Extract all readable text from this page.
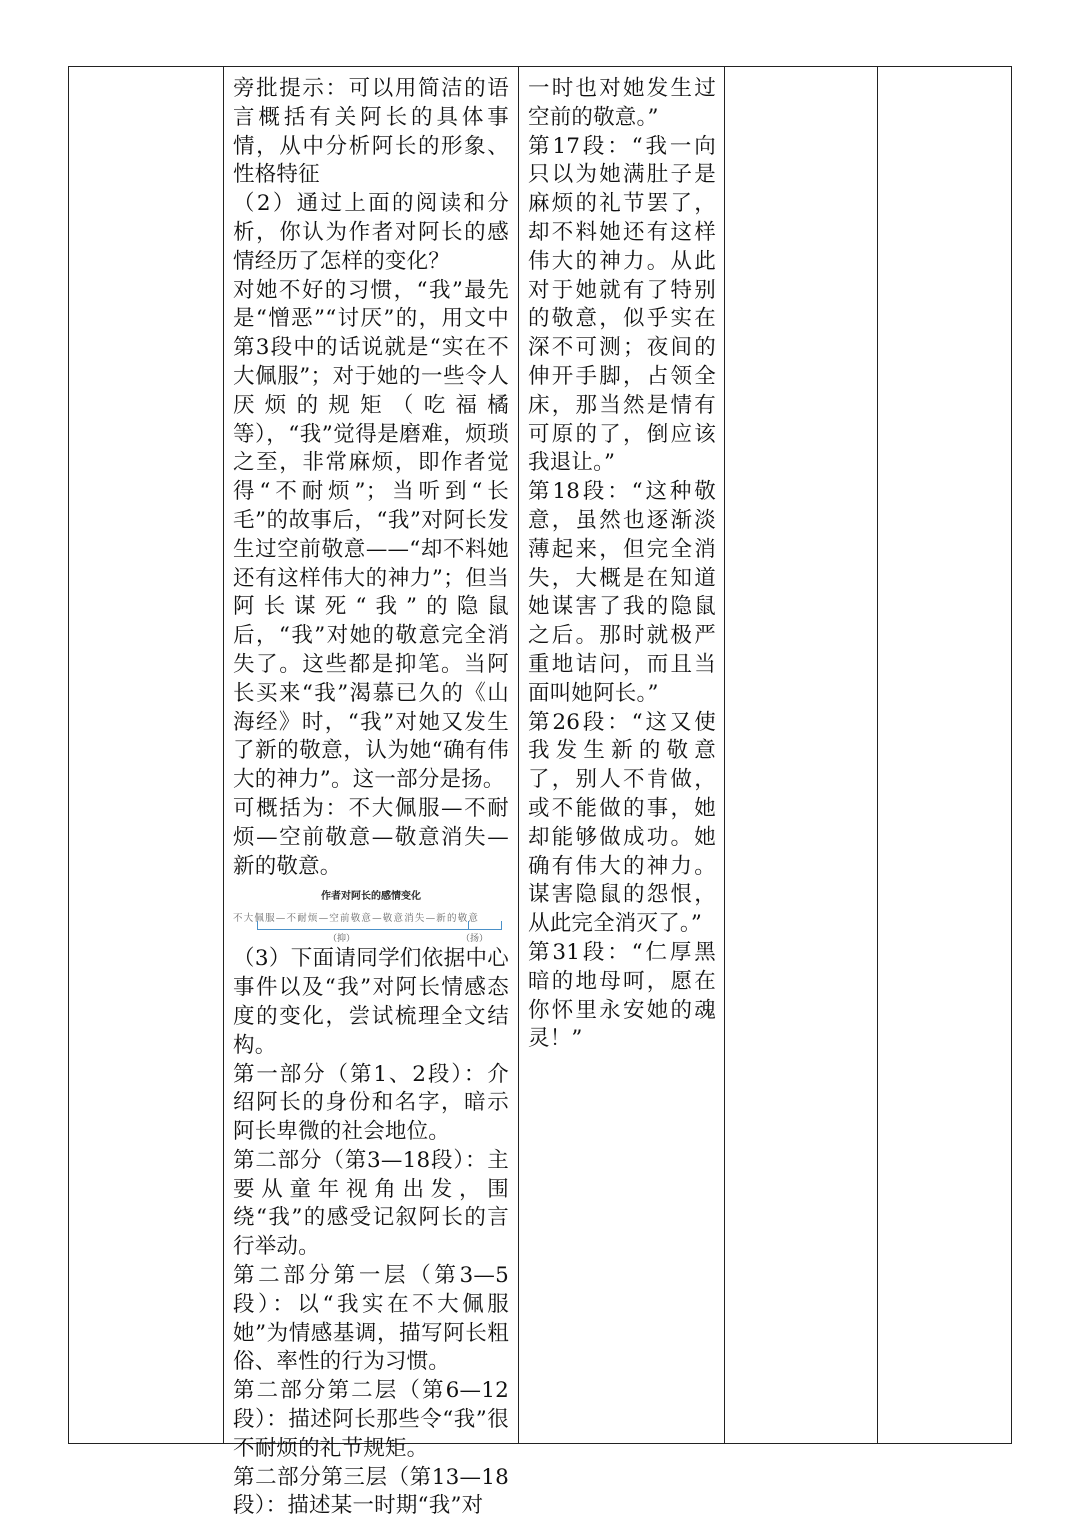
旁批提示：可以用简洁的语言概括有关阿长的具体事情，从中分析阿长的形象、性格特征

（2）通过上面的阅读和分析，你认为作者对阿长的感情经历了怎样的变化？

对她不好的习惯，“我”最先是“憎恶”“讨厌”的，用文中第3段中的话说就是“实在不大佩服”；对于她的一些令人厌烦的规矩（吃福橘等），“我”觉得是磨难，烦琐之至，非常麻烦，即作者觉得“不耐烦”；当听到“长毛”的故事后，“我”对阿长发生过空前敬意——“却不料她还有这样伟大的神力”；但当阿长谋死“我”的隐鼠后，“我”对她的敬意完全消失了。这些都是抑笔。当阿长买来“我”渴慕已久的《山海经》时，“我”对她又发生了新的敬意，认为她“确有伟大的神力”。这一部分是扬。

可概括为：不大佩服—不耐烦—空前敬意—敬意消失—新的敬意。

作者对阿长的感情变化
不大佩服—不耐烦—空前敬意—敬意消失—新的敬意
（抑）	（扬）

（3）下面请同学们依据中心事件以及“我”对阿长情感态度的变化，尝试梳理全文结构。

第一部分（第1、2段）：介绍阿长的身份和名字，暗示阿长卑微的社会地位。

第二部分（第3—18段）：主要从童年视角出发，围绕“我”的感受记叙阿长的言行举动。

第二部分第一层（第3—5段）：以“我实在不大佩服她”为情感基调，描写阿长粗俗、率性的行为习惯。

第二部分第二层（第6—12段）：描述阿长那些令“我”很不耐烦的礼节规矩。

第二部分第三层（第13—18段）：描述某一时期“我”对

一时也对她发生过空前的敬意。”

第17段：“我一向只以为她满肚子是麻烦的礼节罢了，却不料她还有这样伟大的神力。从此对于她就有了特别的敬意，似乎实在深不可测；夜间的伸开手脚，占领全床，那当然是情有可原的了，倒应该我退让。”

第18段：“这种敬意，虽然也逐渐淡薄起来，但完全消失，大概是在知道她谋害了我的隐鼠之后。那时就极严重地诘问，而且当面叫她阿长。”

第26段：“这又使我发生新的敬意了，别人不肯做，或不能做的事，她却能够做成功。她确有伟大的神力。谋害隐鼠的怨恨，从此完全消灭了。”

第31段：“仁厚黑暗的地母呵，愿在你怀里永安她的魂灵！”
